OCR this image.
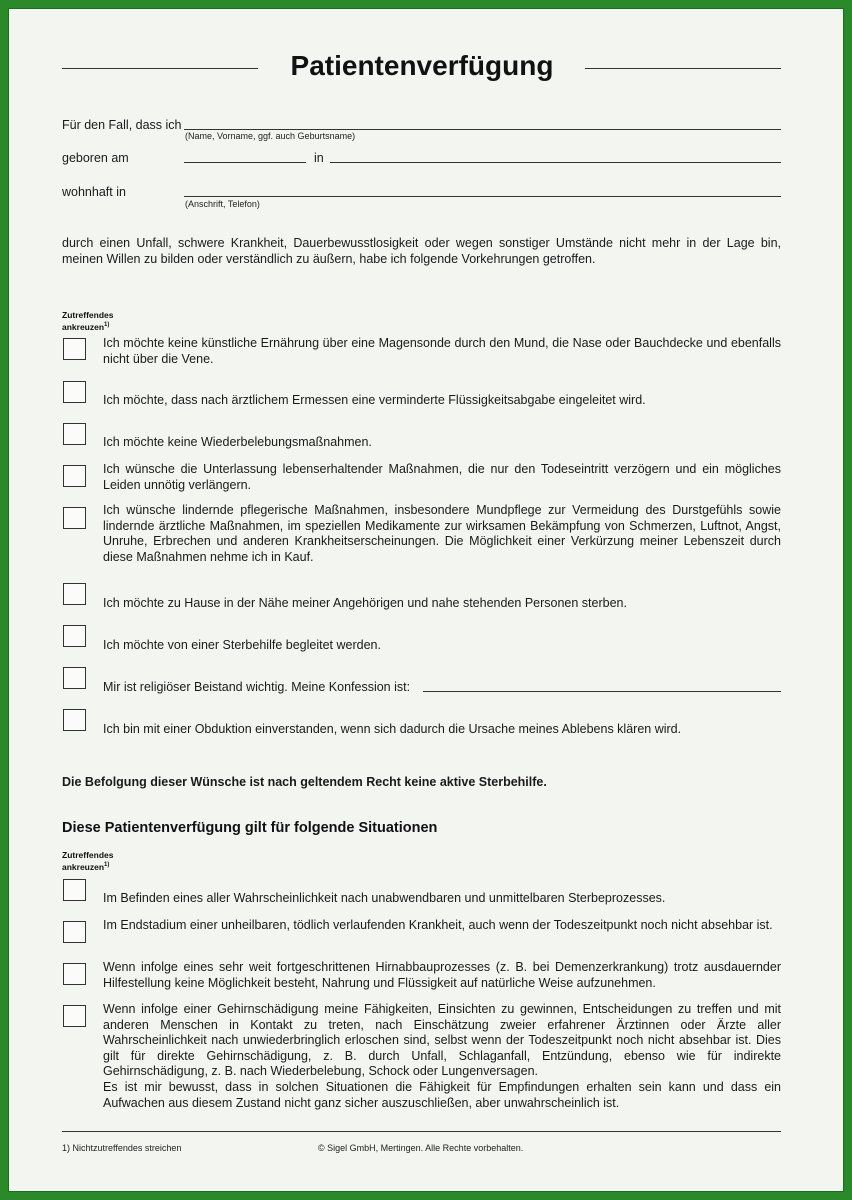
Patientenverfügung
Für den Fall, dass ich
(Name, Vorname, ggf. auch Geburtsname)
geboren am	in
wohnhaft in
(Anschrift, Telefon)
durch einen Unfall, schwere Krankheit, Dauerbewusstlosigkeit oder wegen sonstiger Umstände nicht mehr in der Lage bin, meinen Willen zu bilden oder verständlich zu äußern, habe ich folgende Vorkehrungen getroffen.
Zutreffendes
ankreuzen$^{1)}$
Ich möchte keine künstliche Ernährung über eine Magensonde durch den Mund, die Nase oder Bauchdecke und ebenfalls nicht über die Vene.
Ich möchte, dass nach ärztlichem Ermessen eine verminderte Flüssigkeitsabgabe eingeleitet wird.
Ich möchte keine Wiederbelebungsmaßnahmen.
Ich wünsche die Unterlassung lebenserhaltender Maßnahmen, die nur den Todeseintritt verzögern und ein mögliches Leiden unnötig verlängern.
Ich wünsche lindernde pflegerische Maßnahmen, insbesondere Mundpflege zur Vermeidung des Durstgefühls sowie lindernde ärztliche Maßnahmen, im speziellen Medikamente zur wirksamen Bekämpfung von Schmerzen, Luftnot, Angst, Unruhe, Erbrechen und anderen Krankheitserscheinungen. Die Möglichkeit einer Verkürzung meiner Lebenszeit durch diese Maßnahmen nehme ich in Kauf.
Ich möchte zu Hause in der Nähe meiner Angehörigen und nahe stehenden Personen sterben.
Ich möchte von einer Sterbehilfe begleitet werden.
Mir ist religiöser Beistand wichtig. Meine Konfession ist:
Ich bin mit einer Obduktion einverstanden, wenn sich dadurch die Ursache meines Ablebens klären wird.
Die Befolgung dieser Wünsche ist nach geltendem Recht keine aktive Sterbehilfe.
Diese Patientenverfügung gilt für folgende Situationen
Zutreffendes
ankreuzen$^{1)}$
Im Befinden eines aller Wahrscheinlichkeit nach unabwendbaren und unmittelbaren Sterbeprozesses.
Im Endstadium einer unheilbaren, tödlich verlaufenden Krankheit, auch wenn der Todeszeitpunkt noch nicht absehbar ist.
Wenn infolge eines sehr weit fortgeschrittenen Hirnabbauprozesses (z. B. bei Demenzerkrankung) trotz ausdauernder Hilfestellung keine Möglichkeit besteht, Nahrung und Flüssigkeit auf natürliche Weise aufzunehmen.
Wenn infolge einer Gehirnschädigung meine Fähigkeiten, Einsichten zu gewinnen, Entscheidungen zu treffen und mit anderen Menschen in Kontakt zu treten, nach Einschätzung zweier erfahrener Ärztinnen oder Ärzte aller Wahrscheinlichkeit nach unwiederbringlich erloschen sind, selbst wenn der Todeszeitpunkt noch nicht absehbar ist. Dies gilt für direkte Gehirnschädigung, z. B. durch Unfall, Schlaganfall, Entzündung, ebenso wie für indirekte Gehirnschädigung, z. B. nach Wiederbelebung, Schock oder Lungenversagen.
Es ist mir bewusst, dass in solchen Situationen die Fähigkeit für Empfindungen erhalten sein kann und dass ein Aufwachen aus diesem Zustand nicht ganz sicher auszuschließen, aber unwahrscheinlich ist.
1) Nichtzutreffendes streichen	© Sigel GmbH, Mertingen. Alle Rechte vorbehalten.
